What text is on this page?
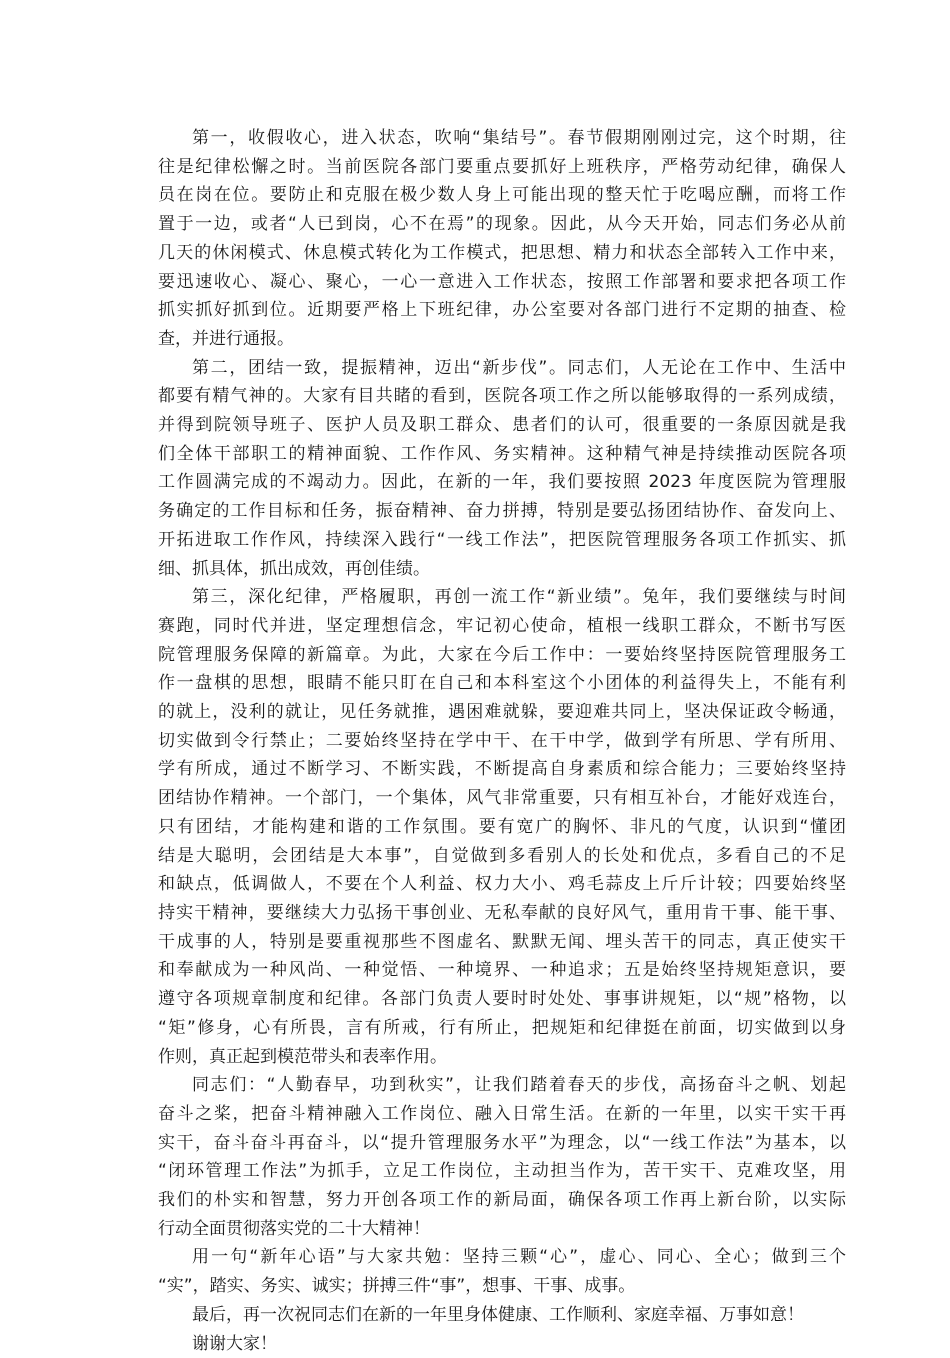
第一，收假收心，进入状态，吹响“集结号”。春节假期刚刚过完，这个时期，往
往是纪律松懈之时。当前医院各部门要重点要抓好上班秩序，严格劳动纪律，确保人
员在岗在位。要防止和克服在极少数人身上可能出现的整天忙于吃喝应酬，而将工作
置于一边，或者“人已到岗，心不在焉”的现象。因此，从今天开始，同志们务必从前
几天的休闲模式、休息模式转化为工作模式，把思想、精力和状态全部转入工作中来，
要迅速收心、凝心、聚心，一心一意进入工作状态，按照工作部署和要求把各项工作
抓实抓好抓到位。近期要严格上下班纪律，办公室要对各部门进行不定期的抽查、检
查，并进行通报。
第二，团结一致，提振精神，迈出“新步伐”。同志们，人无论在工作中、生活中
都要有精气神的。大家有目共睹的看到，医院各项工作之所以能够取得的一系列成绩，
并得到院领导班子、医护人员及职工群众、患者们的认可，很重要的一条原因就是我
们全体干部职工的精神面貌、工作作风、务实精神。这种精气神是持续推动医院各项
工作圆满完成的不竭动力。因此，在新的一年，我们要按照 2023 年度医院为管理服
务确定的工作目标和任务，振奋精神、奋力拼搏，特别是要弘扬团结协作、奋发向上、
开拓进取工作作风，持续深入践行“一线工作法”，把医院管理服务各项工作抓实、抓
细、抓具体，抓出成效，再创佳绩。
第三，深化纪律，严格履职，再创一流工作“新业绩”。兔年，我们要继续与时间
赛跑，同时代并进，坚定理想信念，牢记初心使命，植根一线职工群众，不断书写医
院管理服务保障的新篇章。为此，大家在今后工作中：一要始终坚持医院管理服务工
作一盘棋的思想，眼睛不能只盯在自己和本科室这个小团体的利益得失上，不能有利
的就上，没利的就让，见任务就推，遇困难就躲，要迎难共同上，坚决保证政令畅通，
切实做到令行禁止；二要始终坚持在学中干、在干中学，做到学有所思、学有所用、
学有所成，通过不断学习、不断实践，不断提高自身素质和综合能力；三要始终坚持
团结协作精神。一个部门，一个集体，风气非常重要，只有相互补台，才能好戏连台，
只有团结，才能构建和谐的工作氛围。要有宽广的胸怀、非凡的气度，认识到“懂团
结是大聪明，会团结是大本事”，自觉做到多看别人的长处和优点，多看自己的不足
和缺点，低调做人，不要在个人利益、权力大小、鸡毛蒜皮上斤斤计较；四要始终坚
持实干精神，要继续大力弘扬干事创业、无私奉献的良好风气，重用肯干事、能干事、
干成事的人，特别是要重视那些不图虚名、默默无闻、埋头苦干的同志，真正使实干
和奉献成为一种风尚、一种觉悟、一种境界、一种追求；五是始终坚持规矩意识，要
遵守各项规章制度和纪律。各部门负责人要时时处处、事事讲规矩，以“规”格物，以
“矩”修身，心有所畏，言有所戒，行有所止，把规矩和纪律挺在前面，切实做到以身
作则，真正起到模范带头和表率作用。
同志们：“人勤春早，功到秋实”，让我们踏着春天的步伐，高扬奋斗之帆、划起
奋斗之桨，把奋斗精神融入工作岗位、融入日常生活。在新的一年里，以实干实干再
实干，奋斗奋斗再奋斗，以“提升管理服务水平”为理念，以“一线工作法”为基本，以
“闭环管理工作法”为抓手，立足工作岗位，主动担当作为，苦干实干、克难攻坚，用
我们的朴实和智慧，努力开创各项工作的新局面，确保各项工作再上新台阶，以实际
行动全面贯彻落实党的二十大精神！
用一句“新年心语”与大家共勉：坚持三颗“心”，虚心、同心、全心；做到三个
“实”，踏实、务实、诚实；拼搏三件“事”，想事、干事、成事。
最后，再一次祝同志们在新的一年里身体健康、工作顺利、家庭幸福、万事如意！
谢谢大家！
